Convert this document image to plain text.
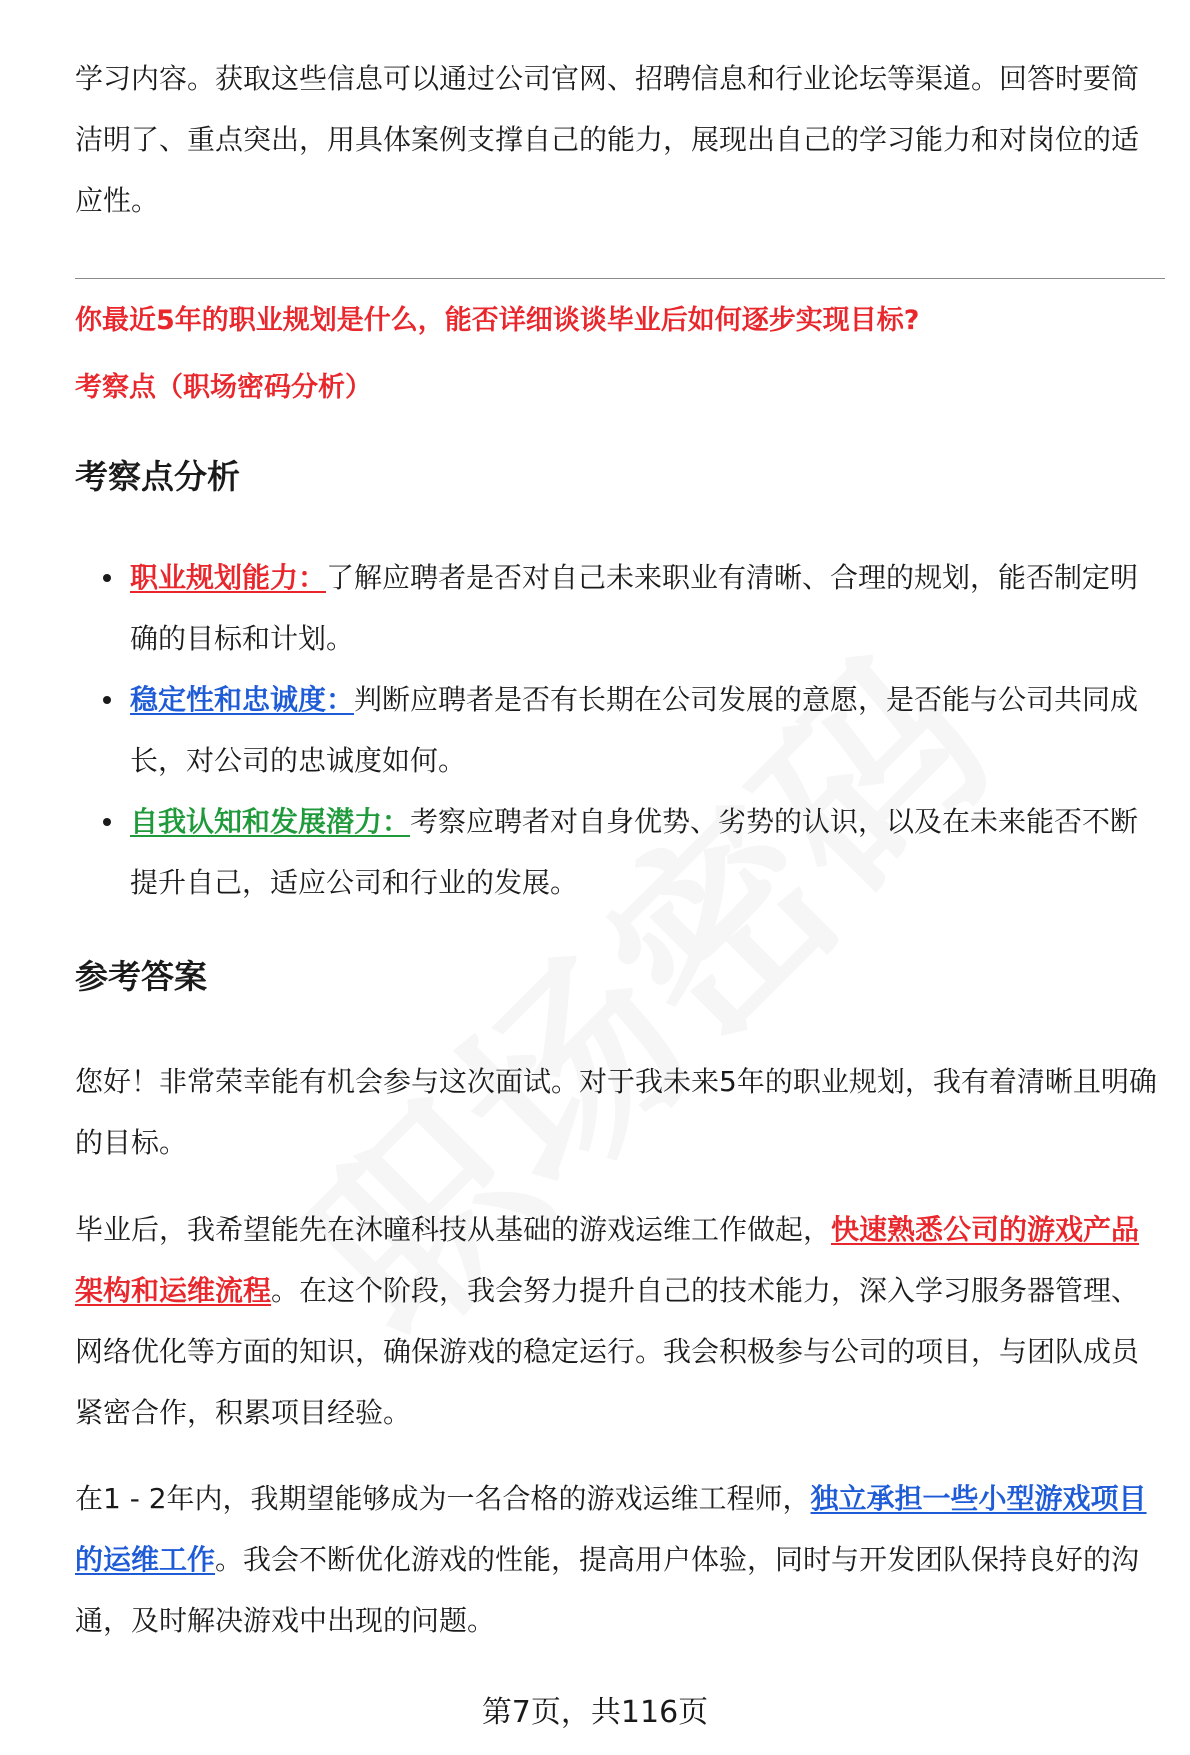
学习内容。获取这些信息可以通过公司官网、招聘信息和行业论坛等渠道。回答时要简洁明了、重点突出，用具体案例支撑自己的能力，展现出自己的学习能力和对岗位的适应性。

你最近5年的职业规划是什么，能否详细谈谈毕业后如何逐步实现目标?

考察点（职场密码分析）

考察点分析
职业规划能力：了解应聘者是否对自己未来职业有清晰、合理的规划，能否制定明确的目标和计划。
稳定性和忠诚度：判断应聘者是否有长期在公司发展的意愿，是否能与公司共同成长，对公司的忠诚度如何。
自我认知和发展潜力：考察应聘者对自身优势、劣势的认识，以及在未来能否不断提升自己，适应公司和行业的发展。
参考答案

您好！非常荣幸能有机会参与这次面试。对于我未来5年的职业规划，我有着清晰且明确的目标。

毕业后，我希望能先在沐曈科技从基础的游戏运维工作做起，快速熟悉公司的游戏产品架构和运维流程。在这个阶段，我会努力提升自己的技术能力，深入学习服务器管理、网络优化等方面的知识，确保游戏的稳定运行。我会积极参与公司的项目，与团队成员紧密合作，积累项目经验。

在1 - 2年内，我期望能够成为一名合格的游戏运维工程师，独立承担一些小型游戏项目的运维工作。我会不断优化游戏的性能，提高用户体验，同时与开发团队保持良好的沟通，及时解决游戏中出现的问题。

第7页，共116页
